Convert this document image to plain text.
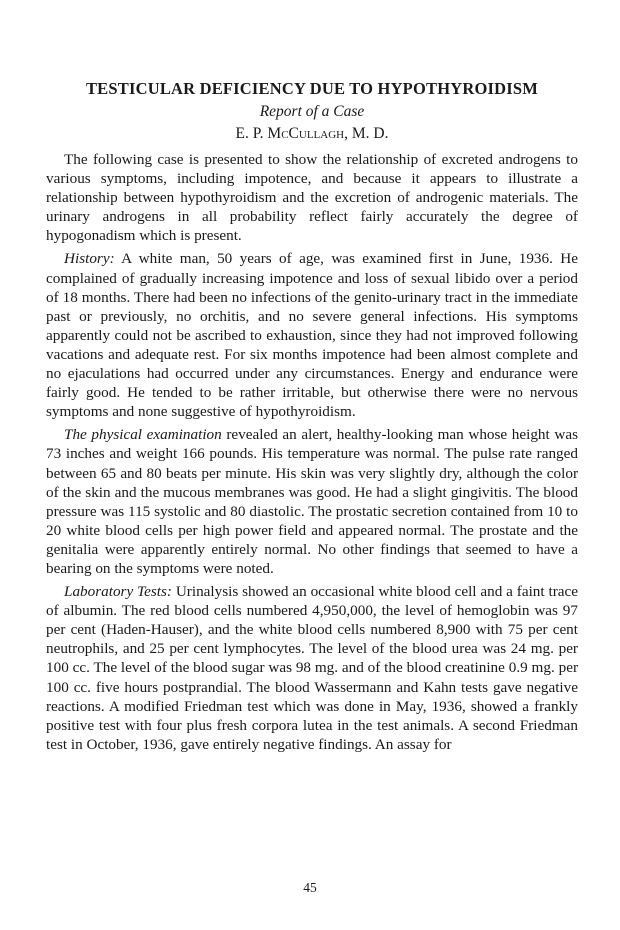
TESTICULAR DEFICIENCY DUE TO HYPOTHYROIDISM
Report of a Case
E. P. McCullagh, M. D.

The following case is presented to show the relationship of excreted androgens to various symptoms, including impotence, and because it appears to illustrate a relationship between hypothyroidism and the excretion of androgenic materials. The urinary androgens in all probability reflect fairly accurately the degree of hypogonadism which is present.

History: A white man, 50 years of age, was examined first in June, 1936. He complained of gradually increasing impotence and loss of sexual libido over a period of 18 months. There had been no infections of the genito-urinary tract in the immediate past or previously, no orchitis, and no severe general infections. His symptoms apparently could not be ascribed to exhaustion, since they had not improved following vacations and adequate rest. For six months impotence had been almost complete and no ejaculations had occurred under any circumstances. Energy and endurance were fairly good. He tended to be rather irritable, but otherwise there were no nervous symptoms and none suggestive of hypothyroidism.

The physical examination revealed an alert, healthy-looking man whose height was 73 inches and weight 166 pounds. His temperature was normal. The pulse rate ranged between 65 and 80 beats per minute. His skin was very slightly dry, although the color of the skin and the mucous membranes was good. He had a slight gingivitis. The blood pressure was 115 systolic and 80 diastolic. The prostatic secretion contained from 10 to 20 white blood cells per high power field and appeared normal. The prostate and the genitalia were apparently entirely normal. No other findings that seemed to have a bearing on the symptoms were noted.

Laboratory Tests: Urinalysis showed an occasional white blood cell and a faint trace of albumin. The red blood cells numbered 4,950,000, the level of hemoglobin was 97 per cent (Haden-Hauser), and the white blood cells numbered 8,900 with 75 per cent neutrophils, and 25 per cent lymphocytes. The level of the blood urea was 24 mg. per 100 cc. The level of the blood sugar was 98 mg. and of the blood creatinine 0.9 mg. per 100 cc. five hours postprandial. The blood Wassermann and Kahn tests gave negative reactions. A modified Friedman test which was done in May, 1936, showed a frankly positive test with four plus fresh corpora lutea in the test animals. A second Friedman test in October, 1936, gave entirely negative findings. An assay for

45
